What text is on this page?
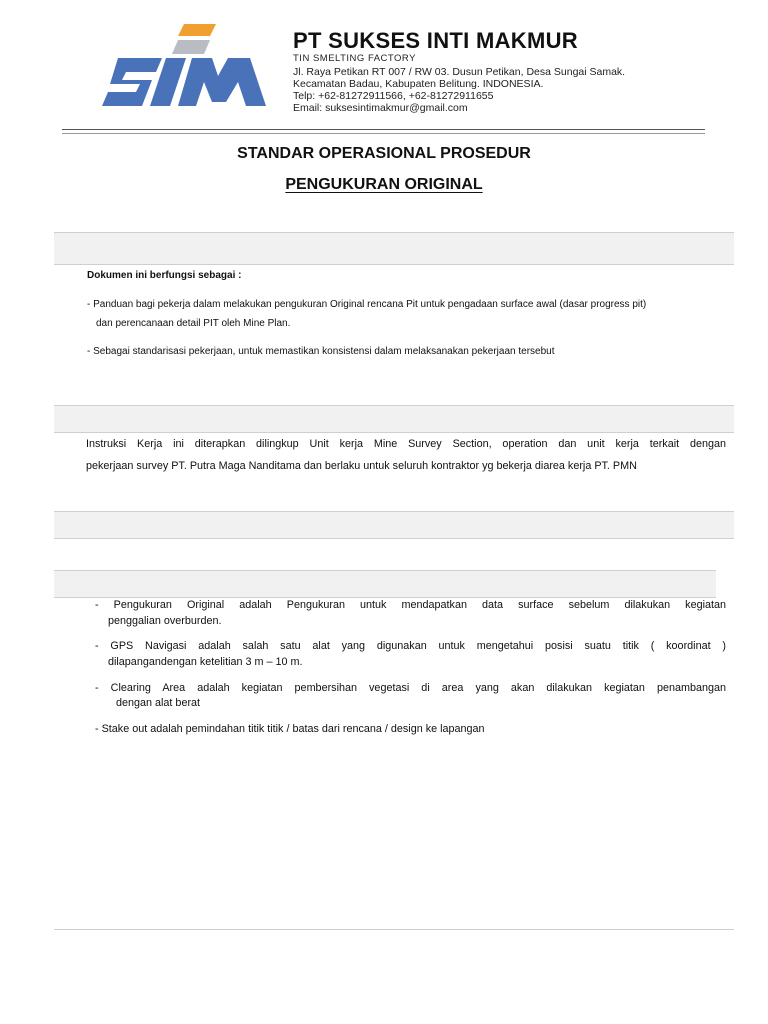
PT SUKSES INTI MAKMUR
TIN SMELTING FACTORY
Jl. Raya Petikan RT 007 / RW 03. Dusun Petikan, Desa Sungai Samak.
Kecamatan Badau, Kabupaten Belitung. INDONESIA.
Telp: +62-81272911566, +62-81272911655
Email: suksesintimakmur@gmail.com
STANDAR OPERASIONAL PROSEDUR
PENGUKURAN ORIGINAL
Dokumen ini berfungsi sebagai :
- Panduan bagi pekerja dalam melakukan pengukuran Original rencana Pit untuk pengadaan surface awal (dasar progress pit)
dan perencanaan detail PIT oleh Mine Plan.
- Sebagai standarisasi pekerjaan, untuk memastikan konsistensi dalam melaksanakan pekerjaan tersebut
Instruksi Kerja ini diterapkan dilingkup Unit kerja Mine Survey Section, operation dan unit kerja terkait dengan
pekerjaan survey PT. Putra Maga Nanditama dan berlaku untuk seluruh kontraktor yg bekerja diarea kerja PT. PMN
- Pengukuran Original adalah Pengukuran untuk mendapatkan data surface sebelum dilakukan kegiatan
penggalian overburden.
- GPS Navigasi adalah salah satu alat yang digunakan untuk mengetahui posisi suatu titik ( koordinat )
dilapangandengan ketelitian 3 m – 10 m.
- Clearing Area adalah kegiatan pembersihan vegetasi di area yang akan dilakukan kegiatan penambangan
dengan alat berat
- Stake out adalah pemindahan titik titik / batas dari rencana / design ke lapangan
